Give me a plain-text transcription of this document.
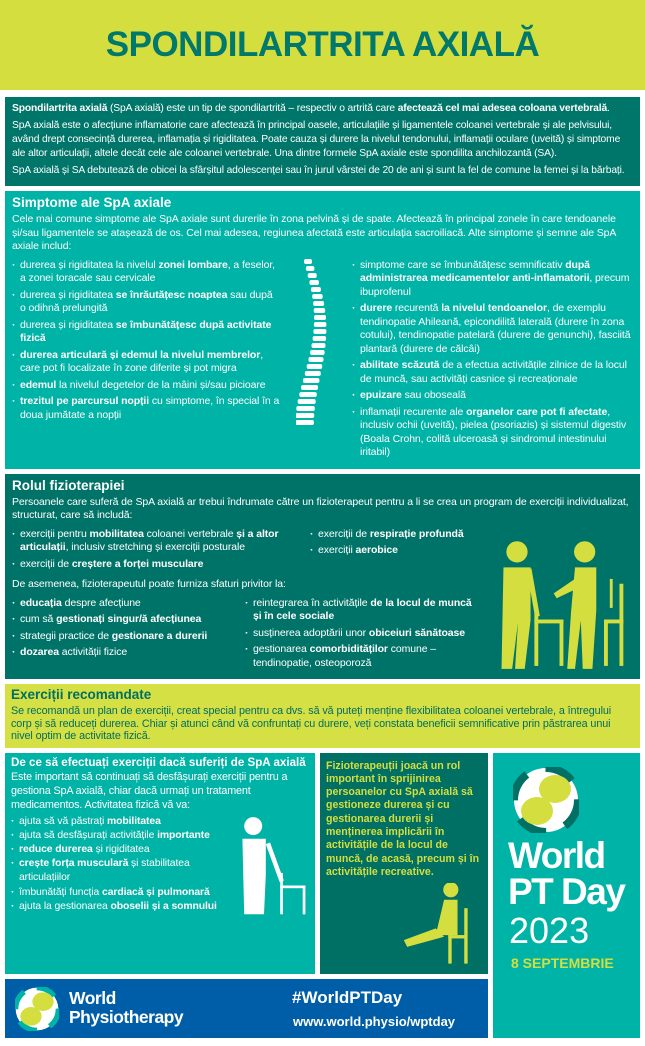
SPONDILARTRITA AXIALĂ

Spondilartrita axială (SpA axială) este un tip de spondilartrită – respectiv o artrită care afectează cel mai adesea coloana vertebrală.

SpA axială este o afecțiune inflamatorie care afectează în principal oasele, articulațiile și ligamentele coloanei vertebrale și ale pelvisului, având drept consecință durerea, inflamația și rigiditatea. Poate cauza și durere la nivelul tendonului, inflamații oculare (uveită) și simptome ale altor articulații, altele decât cele ale coloanei vertebrale. Una dintre formele SpA axiale este spondilita anchilozantă (SA).

SpA axială și SA debutează de obicei la sfârșitul adolescenței sau în jurul vârstei de 20 de ani și sunt la fel de comune la femei și la bărbați.

Simptome ale SpA axiale
Cele mai comune simptome ale SpA axiale sunt durerile în zona pelvină și de spate. Afectează în principal zonele în care tendoanele și/sau ligamentele se atașează de os. Cel mai adesea, regiunea afectată este articulația sacroiliacă. Alte simptome și semne ale SpA axiale includ:
· durerea și rigiditatea la nivelul zonei lombare, a feselor, a zonei toracale sau cervicale
· durerea și rigiditatea se înrăutățesc noaptea sau după o odihnă prelungită
· durerea și rigiditatea se îmbunătățesc după activitate fizică
· durerea articulară și edemul la nivelul membrelor, care pot fi localizate în zone diferite și pot migra
· edemul la nivelul degetelor de la mâini și/sau picioare
· trezitul pe parcursul nopții cu simptome, în special în a doua jumătate a nopții
· simptome care se îmbunătățesc semnificativ după administrarea medicamentelor anti-inflamatorii, precum ibuprofenul
· durere recurentă la nivelul tendoanelor, de exemplu tendinopatie Ahileană, epicondilită laterală (durere în zona cotului), tendinopatie patelară (durere de genunchi), fasciită plantară (durere de călcâi)
· abilitate scăzută de a efectua activitățile zilnice de la locul de muncă, sau activități casnice și recreaționale
· epuizare sau oboseală
· inflamații recurente ale organelor care pot fi afectate, inclusiv ochii (uveită), pielea (psoriazis) și sistemul digestiv (Boala Crohn, colită ulceroasă și sindromul intestinului iritabil)
Rolul fizioterapiei
Persoanele care suferă de SpA axială ar trebui îndrumate către un fizioterapeut pentru a li se crea un program de exerciții individualizat, structurat, care să includă:
· exerciții pentru mobilitatea coloanei vertebrale și a altor articulații, inclusiv stretching și exerciții posturale
· exerciții de creștere a forței musculare
· exerciții de respirație profundă
· exerciții aerobice
De asemenea, fizioterapeutul poate furniza sfaturi privitor la:
· educația despre afecțiune
· cum să gestionați singur/ă afecțiunea
· strategii practice de gestionare a durerii
· dozarea activității fizice
· reintegrarea în activitățile de la locul de muncă și în cele sociale
· susținerea adoptării unor obiceiuri sănătoase
· gestionarea comorbidităților comune – tendinopatie, osteoporoză
Exerciții recomandate
Se recomandă un plan de exerciții, creat special pentru ca dvs. să vă puteți menține flexibilitatea coloanei vertebrale, a întregului corp și să reduceți durerea. Chiar și atunci când vă confruntați cu durere, veți constata beneficii semnificative prin păstrarea unui nivel optim de activitate fizică.
De ce să efectuați exerciții dacă suferiți de SpA axială
Este important să continuați să desfășurați exerciții pentru a gestiona SpA axială, chiar dacă urmați un tratament medicamentos. Activitatea fizică vă va:
· ajuta să vă păstrați mobilitatea
· ajuta să desfășurați activitățile importante
· reduce durerea și rigiditatea
· crește forța musculară și stabilitatea articulațiilor
· îmbunătăți funcția cardiacă și pulmonară
· ajuta la gestionarea oboselii și a somnului

Fizioterapeuții joacă un rol important în sprijinirea persoanelor cu SpA axială să gestioneze durerea și cu gestionarea durerii și menținerea implicării în activitățile de la locul de muncă, de acasă, precum și în activitățile recreative.	World
PT Day
2023
8 SEPTEMBRIE
World
Physiotherapy
#WorldPTDay
www.world.physio/wptday
